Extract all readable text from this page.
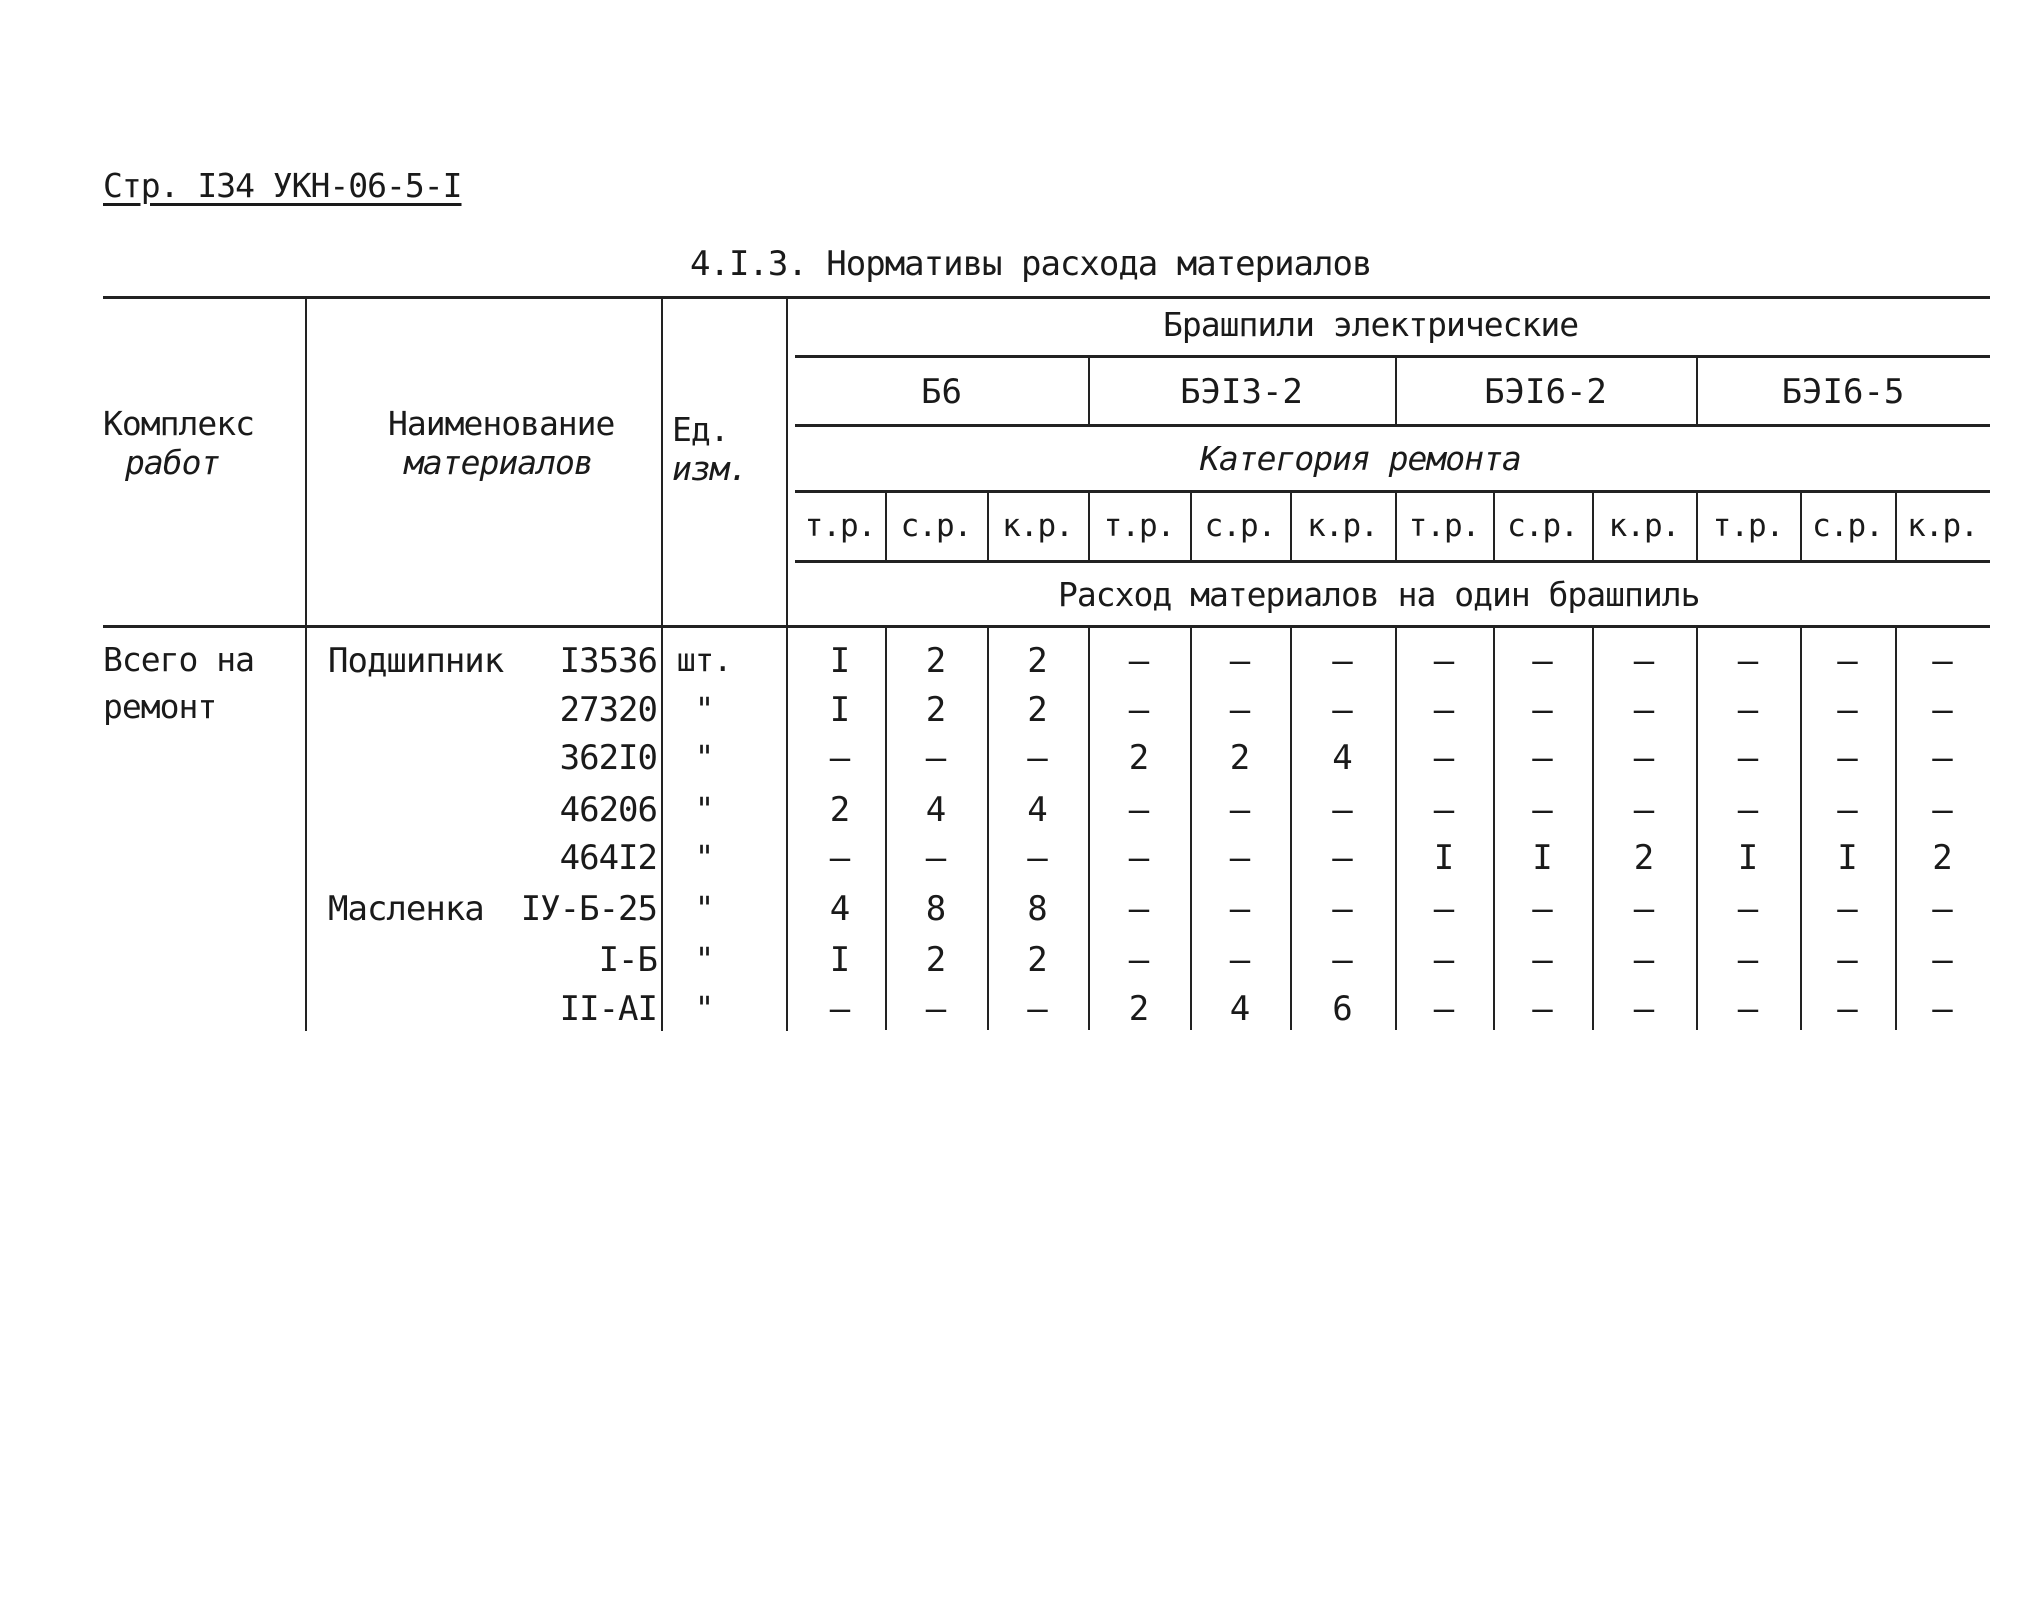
Стр. I34 УКН-06-5-I
4.I.3. Нормативы расхода материалов
Комплекс
работ
Наименование
материалов
Ед.
изм.
Брашпили электрические
Б6	БЭI3-2	БЭI6-2	БЭI6-5
Категория ремонта
т.р. с.р. к.р. т.р. с.р.	к.р. т.р. с.р. к.р.	т.р. с.р. к.р.
Расход материалов на один брашпиль
Всего на
ремонт
Подшипник	I3536 шт.	I	2	2	–	–	–	–	–	–	–	–	–
27320	"	I	2	2	–	–	–	–	–	–	–	–	–
362I0	"	–	–	–	2	2	4	–	–	–	–	–	–
46206	"	2	4	4	–	–	–	–	–	–	–	–	–
464I2	"	–	–	–	–	–	–	I	I	2	I	I	2
Масленка	IУ-Б-25	"	4	8	8	–	–	–	–	–	–	–	–	–
I-Б	"	I	2	2	–	–	–	–	–	–	–	–	–
II-AI	"	–	–	–	2	4	6	–	–	–	–	–	–
